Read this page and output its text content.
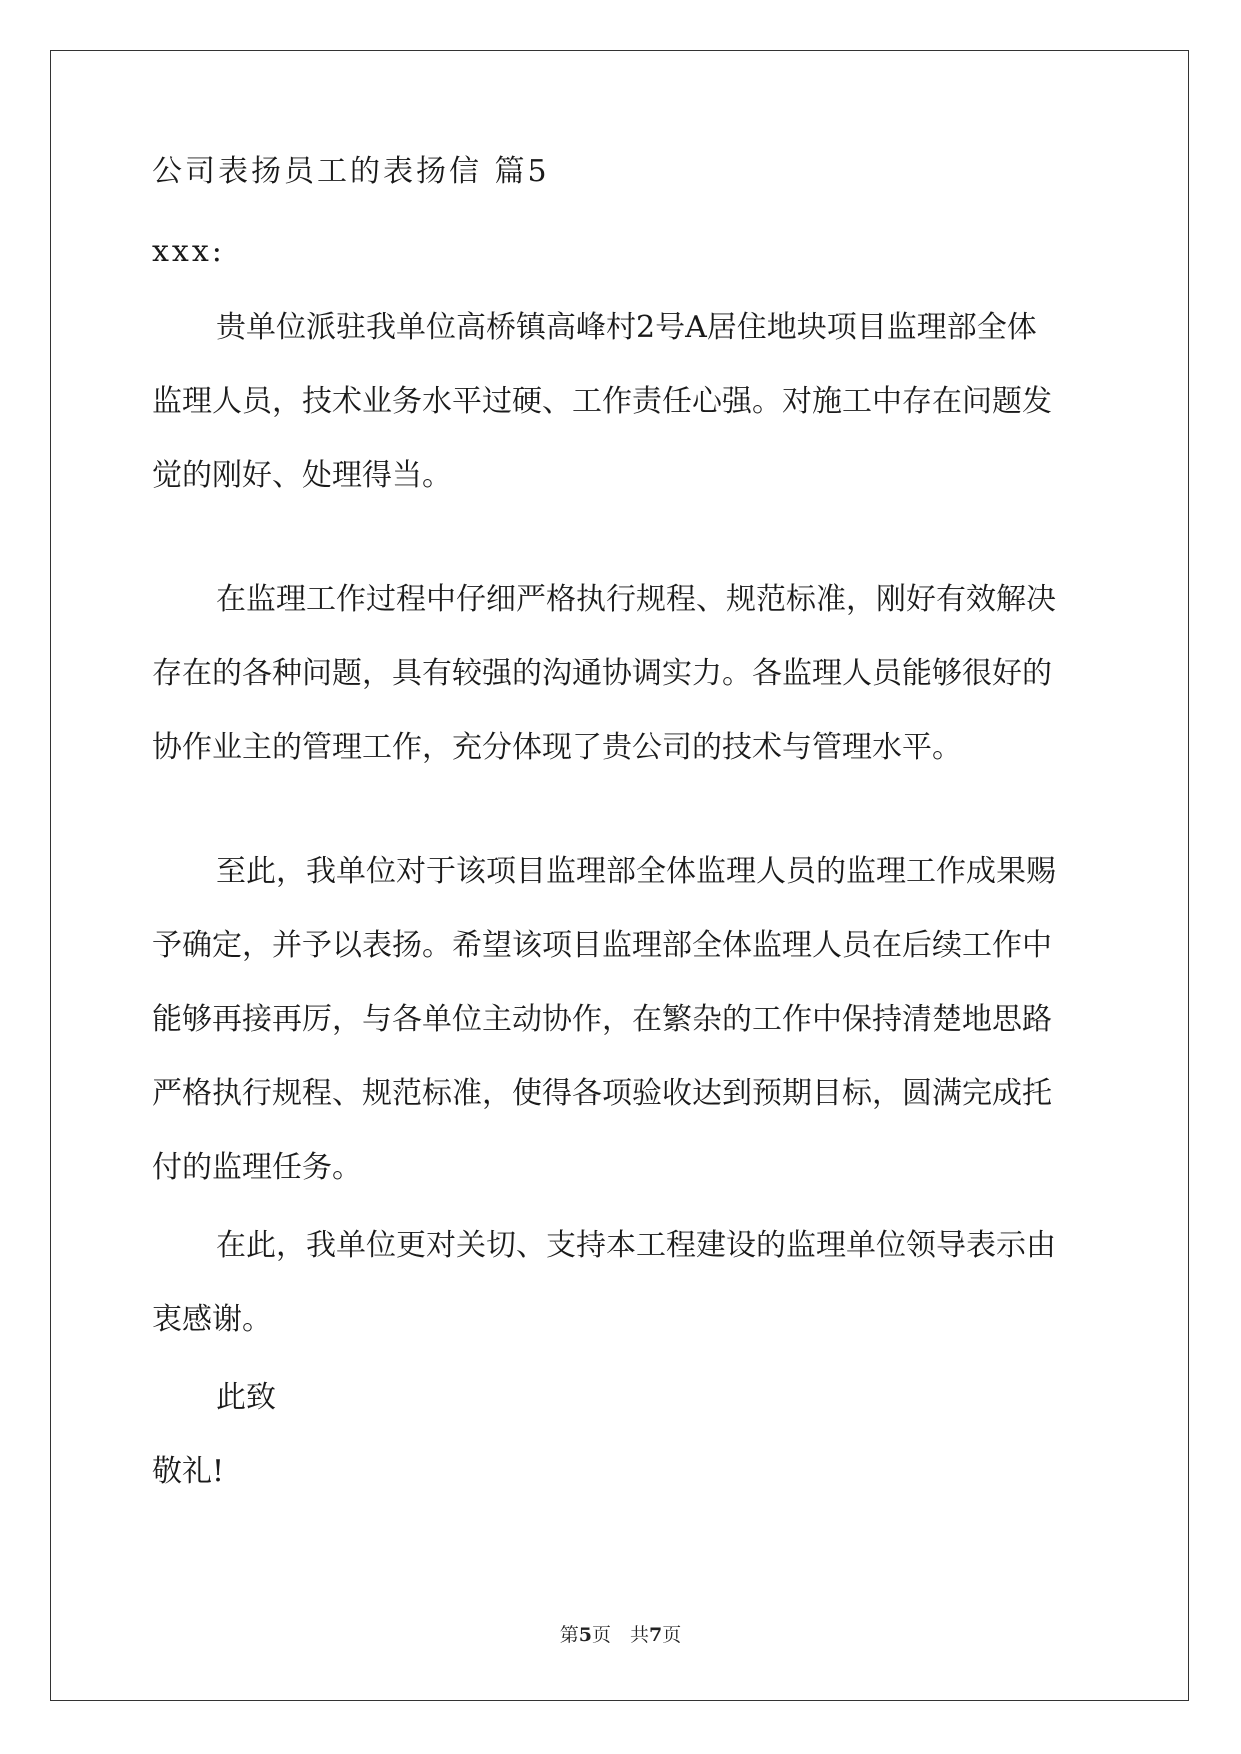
公司表扬员工的表扬信 篇5
xxx:
贵单位派驻我单位高桥镇高峰村2号A居住地块项目监理部全体
监理人员，技术业务水平过硬、工作责任心强。对施工中存在问题发
觉的刚好、处理得当。
在监理工作过程中仔细严格执行规程、规范标准，刚好有效解决
存在的各种问题，具有较强的沟通协调实力。各监理人员能够很好的
协作业主的管理工作，充分体现了贵公司的技术与管理水平。
至此，我单位对于该项目监理部全体监理人员的监理工作成果赐
予确定，并予以表扬。希望该项目监理部全体监理人员在后续工作中
能够再接再厉，与各单位主动协作，在繁杂的工作中保持清楚地思路
严格执行规程、规范标准，使得各项验收达到预期目标，圆满完成托
付的监理任务。
在此，我单位更对关切、支持本工程建设的监理单位领导表示由
衷感谢。
此致
敬礼!
第5页　共7页
